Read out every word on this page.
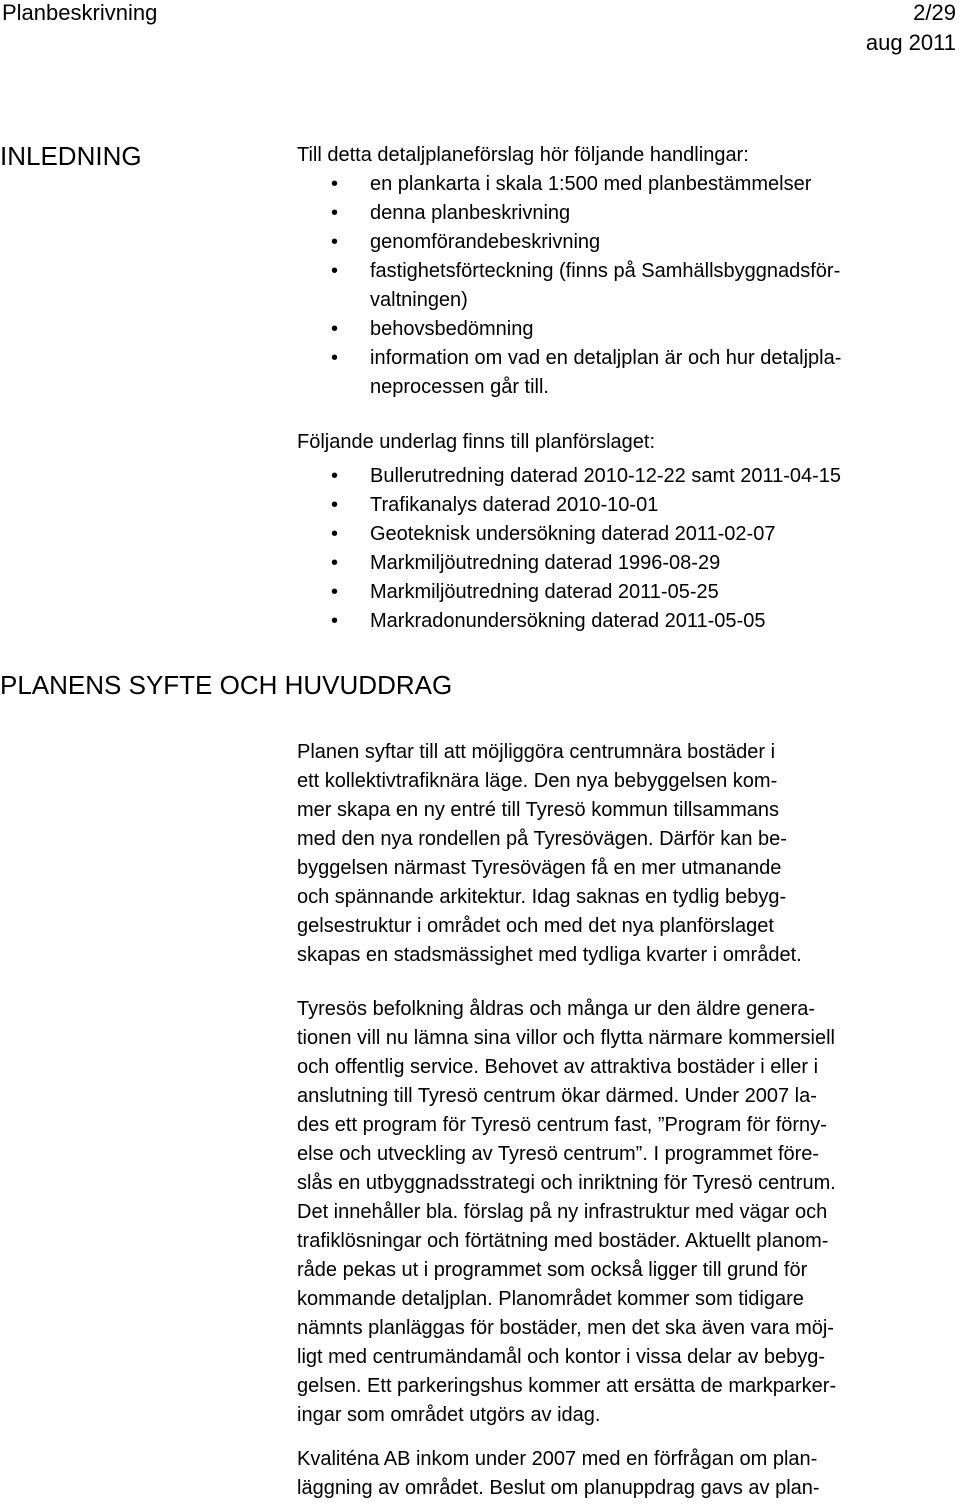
Planbeskrivning	2/29
aug 2011
INLEDNING
PLANENS SYFTE OCH HUVUDDRAG
Till detta detaljplaneförslag hör följande handlingar:
• en plankarta i skala 1:500 med planbestämmelser
• denna planbeskrivning
• genomförandebeskrivning
• fastighetsförteckning (finns på Samhällsbyggnadsför-
valtningen)
• behovsbedömning
• information om vad en detaljplan är och hur detaljpla-
neprocessen går till.
Följande underlag finns till planförslaget:
• Bullerutredning daterad 2010-12-22 samt 2011-04-15
• Trafikanalys daterad 2010-10-01
• Geoteknisk undersökning daterad 2011-02-07
• Markmiljöutredning daterad 1996-08-29
• Markmiljöutredning daterad 2011-05-25
• Markradonundersökning daterad 2011-05-05
Planen syftar till att möjliggöra centrumnära bostäder i
ett kollektivtrafiknära läge. Den nya bebyggelsen kom-
mer skapa en ny entré till Tyresö kommun tillsammans
med den nya rondellen på Tyresövägen. Därför kan be-
byggelsen närmast Tyresövägen få en mer utmanande
och spännande arkitektur. Idag saknas en tydlig bebyg-
gelsestruktur i området och med det nya planförslaget
skapas en stadsmässighet med tydliga kvarter i området.
Tyresös befolkning åldras och många ur den äldre genera-
tionen vill nu lämna sina villor och flytta närmare kommersiell
och offentlig service. Behovet av attraktiva bostäder i eller i
anslutning till Tyresö centrum ökar därmed. Under 2007 la-
des ett program för Tyresö centrum fast, ”Program för förny-
else och utveckling av Tyresö centrum”. I programmet före-
slås en utbyggnadsstrategi och inriktning för Tyresö centrum.
Det innehåller bla. förslag på ny infrastruktur med vägar och
trafiklösningar och förtätning med bostäder. Aktuellt planom-
råde pekas ut i programmet som också ligger till grund för
kommande detaljplan. Planområdet kommer som tidigare
nämnts planläggas för bostäder, men det ska även vara möj-
ligt med centrumändamål och kontor i vissa delar av bebyg-
gelsen. Ett parkeringshus kommer att ersätta de markparker-
ingar som området utgörs av idag.
Kvaliténa AB inkom under 2007 med en förfrågan om plan-
läggning av området. Beslut om planuppdrag gavs av plan-
